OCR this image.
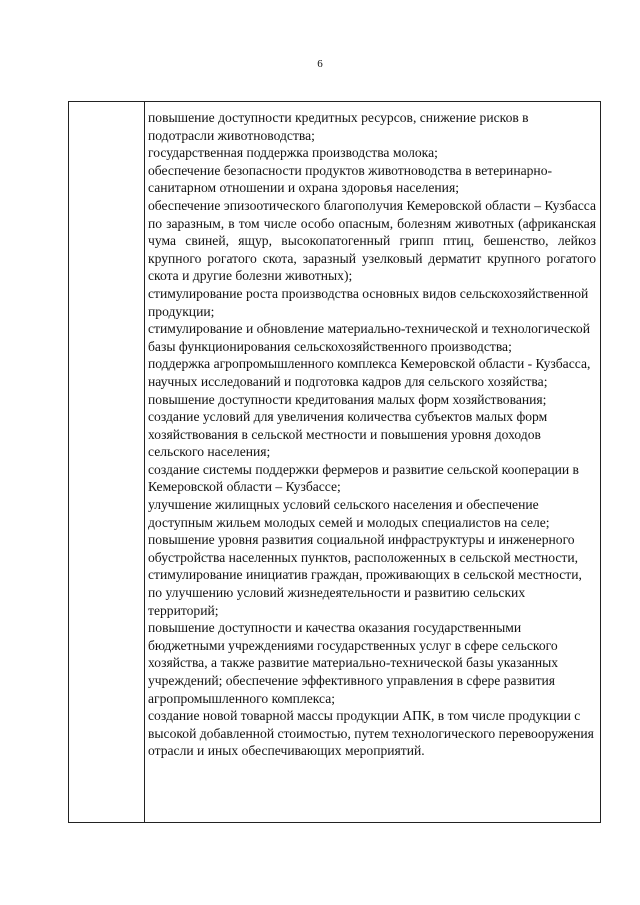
6

повышение доступности кредитных ресурсов, снижение рисков в подотрасли животноводства;

государственная поддержка производства молока;

обеспечение безопасности продуктов животноводства в ветеринарно-санитарном отношении и охрана здоровья населения;

обеспечение эпизоотического благополучия Кемеровской области – Кузбасса по заразным, в том числе особо опасным, болезням животных (африканская чума свиней, ящур, высокопатогенный грипп птиц, бешенство, лейкоз крупного рогатого скота, заразный узелковый дерматит крупного рогатого скота и другие болезни животных);

стимулирование роста производства основных видов сельскохозяйственной продукции;

стимулирование и обновление материально-технической и технологической базы функционирования сельскохозяйственного производства;

поддержка агропромышленного комплекса Кемеровской области - Кузбасса, научных исследований и подготовка кадров для сельского хозяйства;

повышение доступности кредитования малых форм хозяйствования;

создание условий для увеличения количества субъектов малых форм хозяйствования в сельской местности и повышения уровня доходов сельского населения;

создание системы поддержки фермеров и развитие сельской кооперации в Кемеровской области – Кузбассе;

улучшение жилищных условий сельского населения и обеспечение доступным жильем молодых семей и молодых специалистов на селе;

повышение уровня развития социальной инфраструктуры и инженерного обустройства населенных пунктов, расположенных в сельской местности, стимулирование инициатив граждан, проживающих в сельской местности, по улучшению условий жизнедеятельности и развитию сельских территорий;

повышение доступности и качества оказания государственными бюджетными учреждениями государственных услуг в сфере сельского хозяйства, а также развитие материально-технической базы указанных учреждений; обеспечение эффективного управления в сфере развития агропромышленного комплекса;

создание новой товарной массы продукции АПК, в том числе продукции с высокой добавленной стоимостью, путем технологического перевооружения отрасли и иных обеспечивающих мероприятий.
